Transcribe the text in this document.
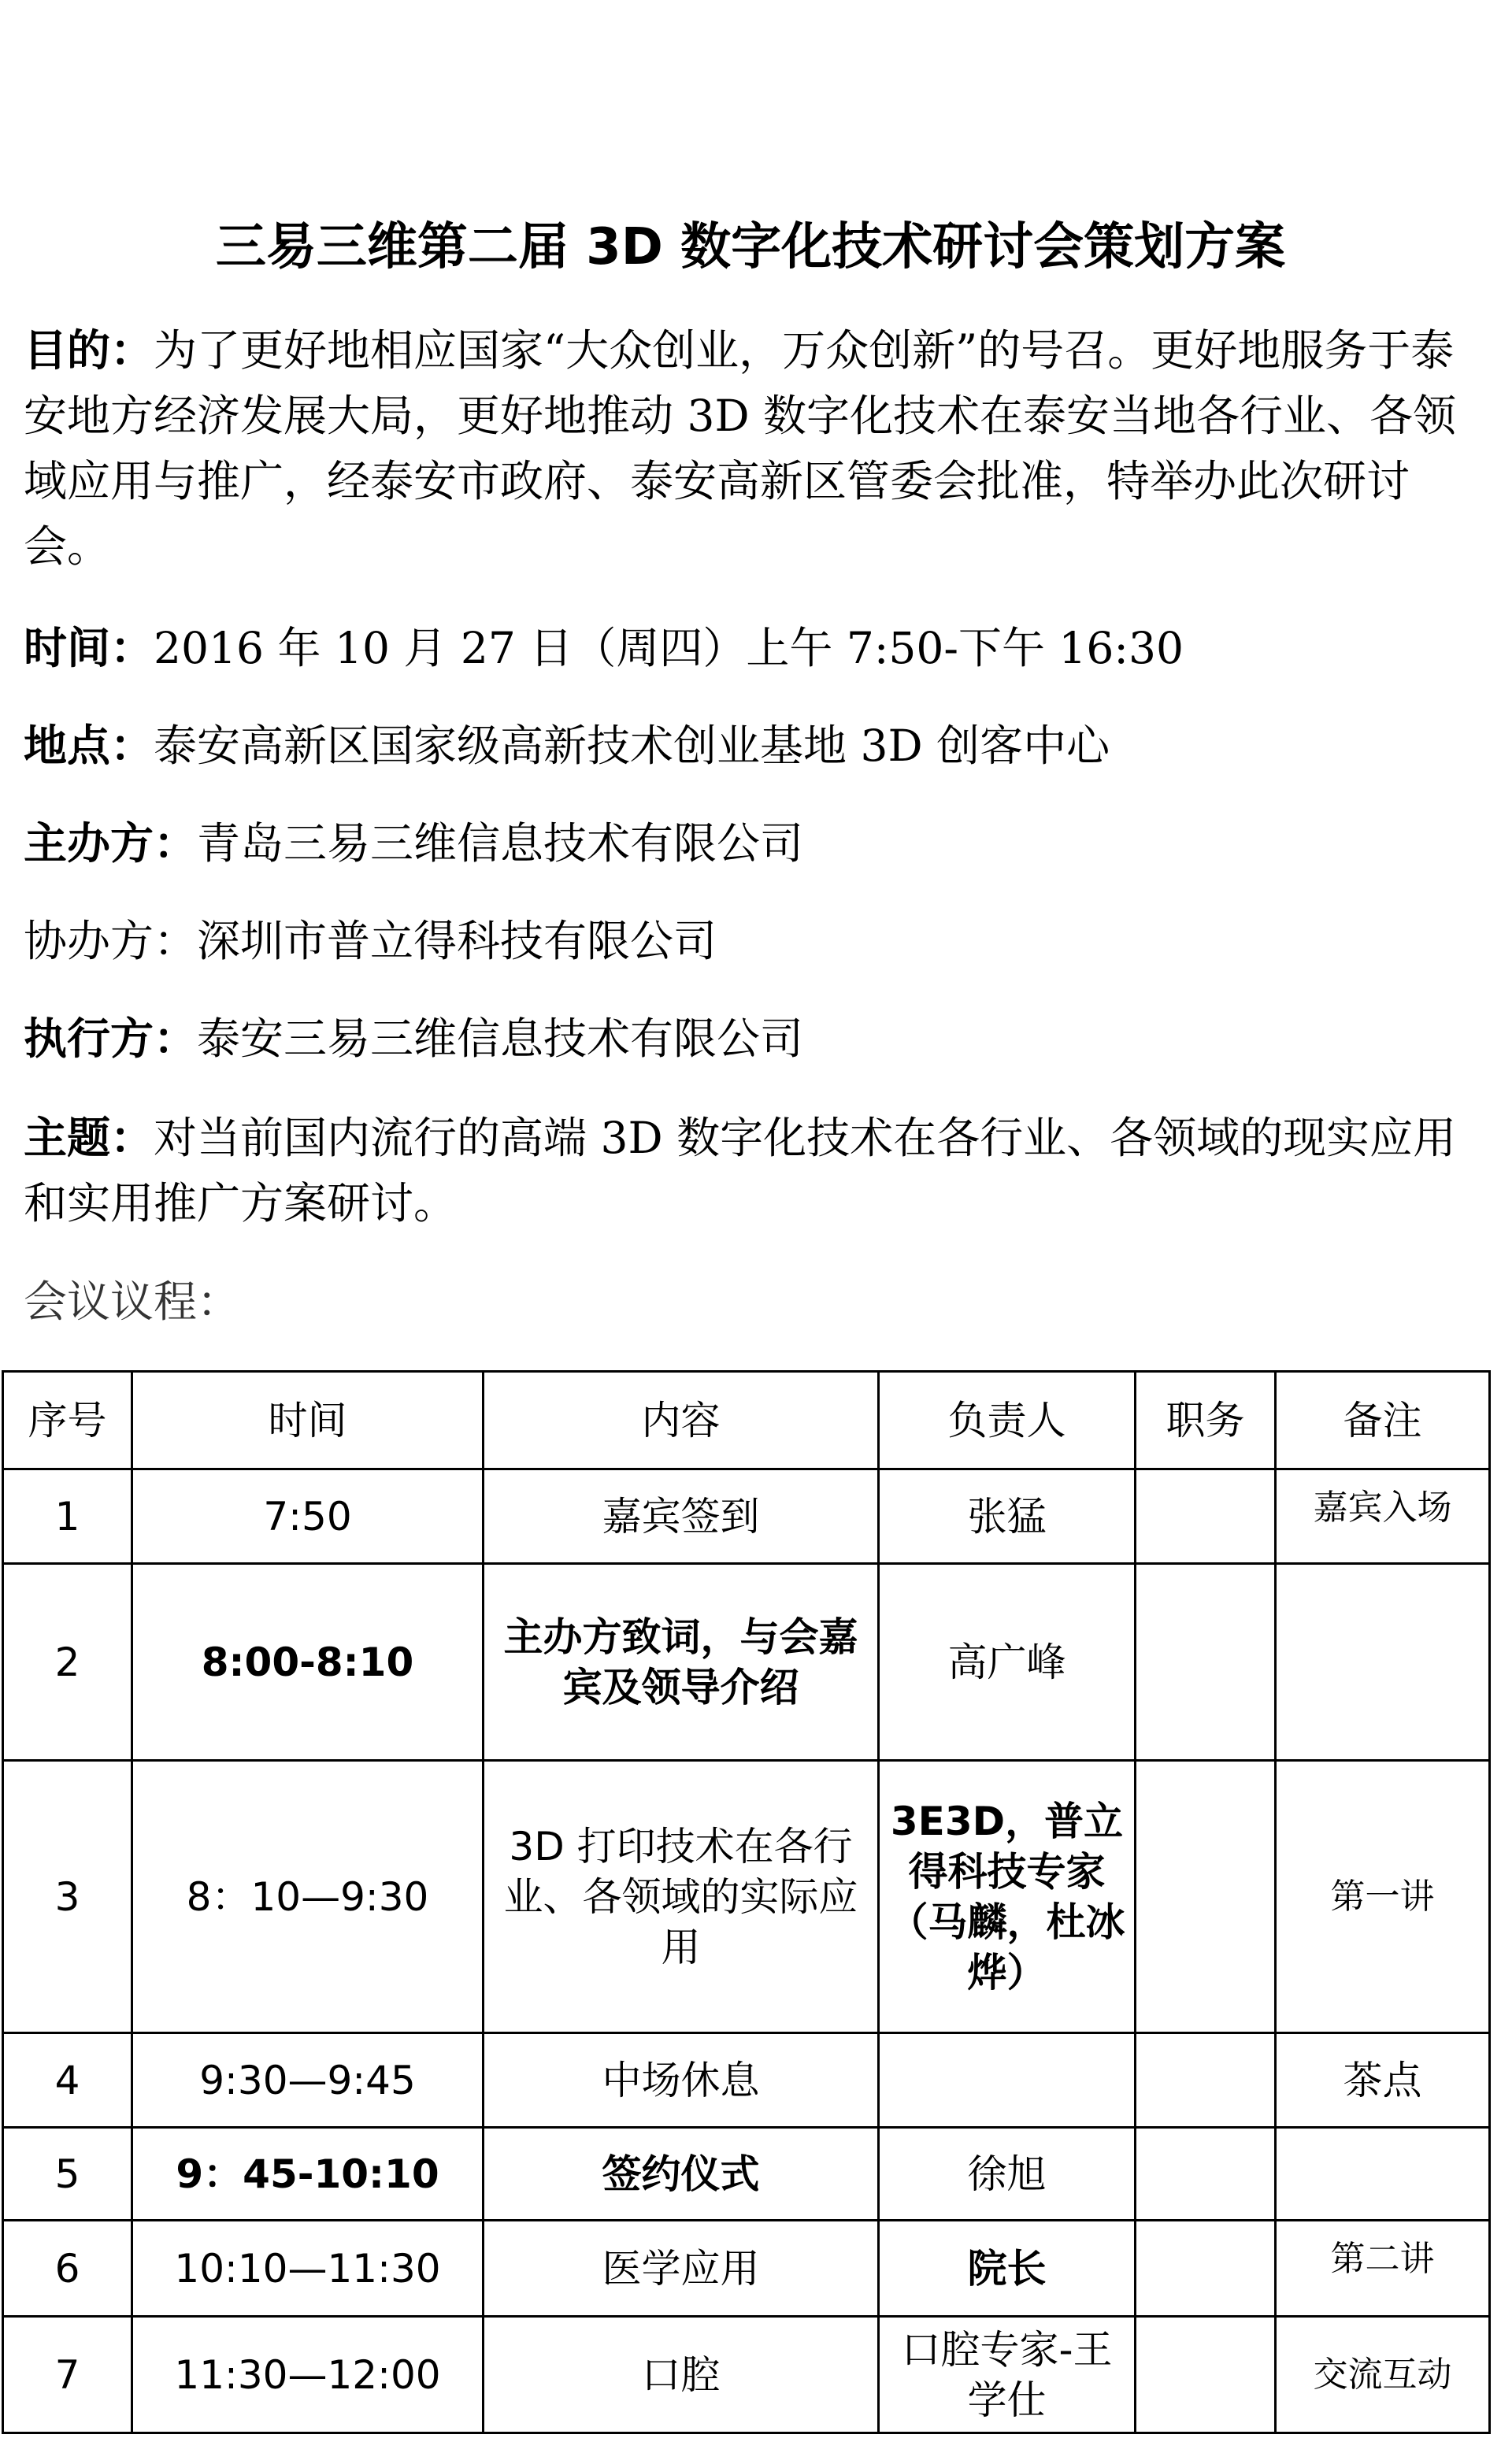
三易三维第二届 3D 数字化技术研讨会策划方案
目的：为了更好地相应国家“大众创业，万众创新”的号召。更好地服务于泰安地方经济发展大局，更好地推动 3D 数字化技术在泰安当地各行业、各领域应用与推广，经泰安市政府、泰安高新区管委会批准，特举办此次研讨会。
时间：2016 年 10 月 27 日（周四）上午 7:50-下午 16:30
地点：泰安高新区国家级高新技术创业基地 3D 创客中心
主办方：青岛三易三维信息技术有限公司
协办方：深圳市普立得科技有限公司
执行方：泰安三易三维信息技术有限公司
主题：对当前国内流行的高端 3D 数字化技术在各行业、各领域的现实应用和实用推广方案研讨。
会议议程：
序号	时间	内容	负责人	职务	备注
1	7:50	嘉宾签到	张猛		嘉宾入场
2	8:00-8:10	主办方致词，与会嘉宾及领导介绍	高广峰		
3	8：10—9:30	3D 打印技术在各行业、各领域的实际应用	3E3D，普立得科技专家（马麟，杜冰烨）		第一讲
4	9:30—9:45	中场休息			茶点
5	9：45-10:10	签约仪式	徐旭		
6	10:10—11:30	医学应用	院长		第二讲
7	11:30—12:00	口腔	口腔专家-王学仕		交流互动
